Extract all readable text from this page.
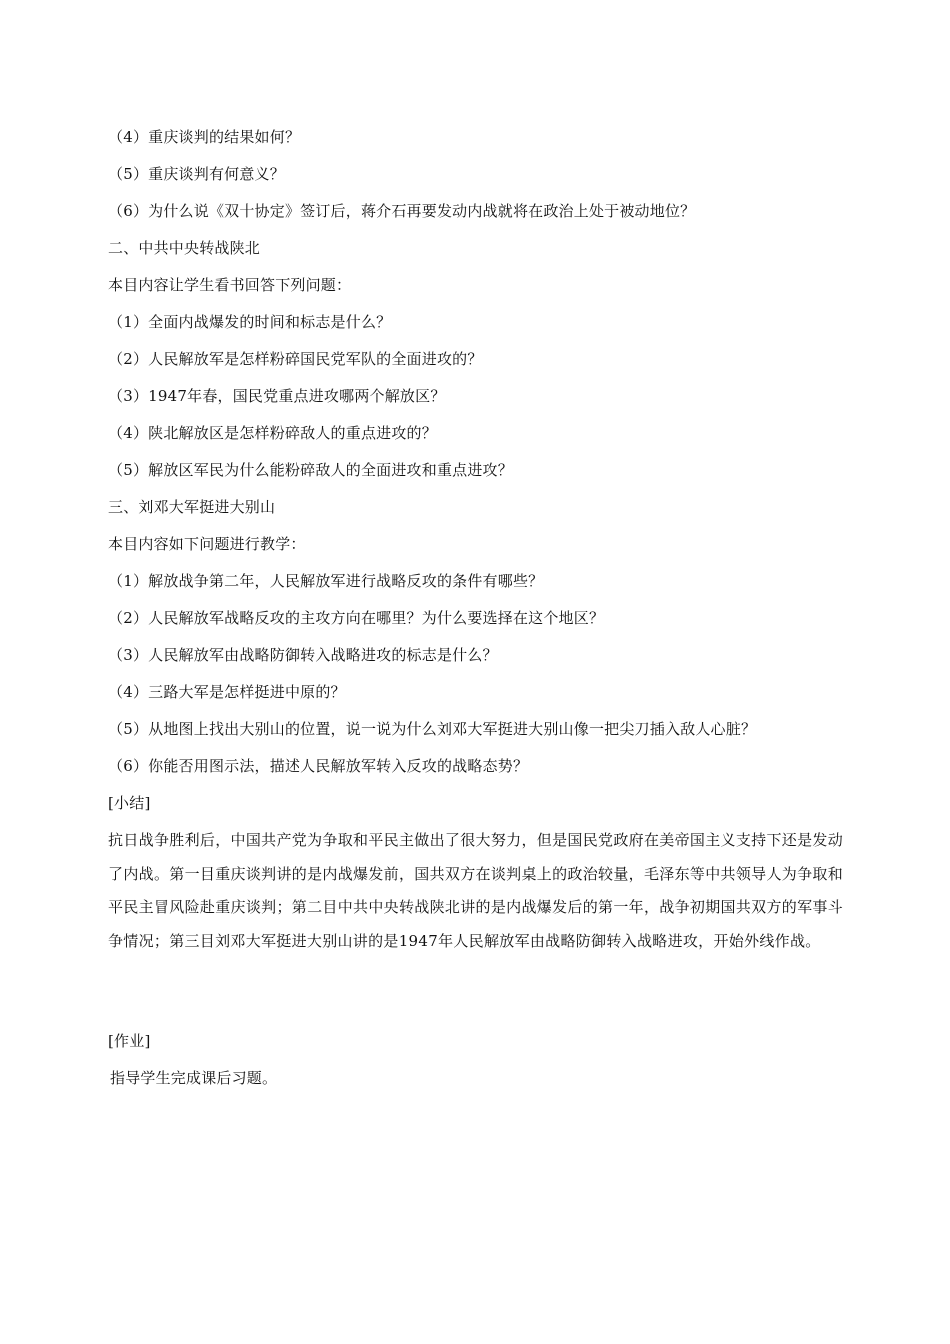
（4）重庆谈判的结果如何？
（5）重庆谈判有何意义？
（6）为什么说《双十协定》签订后，蒋介石再要发动内战就将在政治上处于被动地位？
二、中共中央转战陕北
本目内容让学生看书回答下列问题：
（1）全面内战爆发的时间和标志是什么？
（2）人民解放军是怎样粉碎国民党军队的全面进攻的？
（3）1947年春，国民党重点进攻哪两个解放区？
（4）陕北解放区是怎样粉碎敌人的重点进攻的？
（5）解放区军民为什么能粉碎敌人的全面进攻和重点进攻？
三、刘邓大军挺进大别山
本目内容如下问题进行教学：
（1）解放战争第二年，人民解放军进行战略反攻的条件有哪些？
（2）人民解放军战略反攻的主攻方向在哪里？为什么要选择在这个地区？
（3）人民解放军由战略防御转入战略进攻的标志是什么？
（4）三路大军是怎样挺进中原的？
（5）从地图上找出大别山的位置，说一说为什么刘邓大军挺进大别山像一把尖刀插入敌人心脏？
（6）你能否用图示法，描述人民解放军转入反攻的战略态势？
[小结]
抗日战争胜利后，中国共产党为争取和平民主做出了很大努力，但是国民党政府在美帝国主义支持下还是发动了内战。第一目重庆谈判讲的是内战爆发前，国共双方在谈判桌上的政治较量，毛泽东等中共领导人为争取和平民主冒风险赴重庆谈判；第二目中共中央转战陕北讲的是内战爆发后的第一年，战争初期国共双方的军事斗争情况；第三目刘邓大军挺进大别山讲的是1947年人民解放军由战略防御转入战略进攻，开始外线作战。
[作业]
指导学生完成课后习题。
